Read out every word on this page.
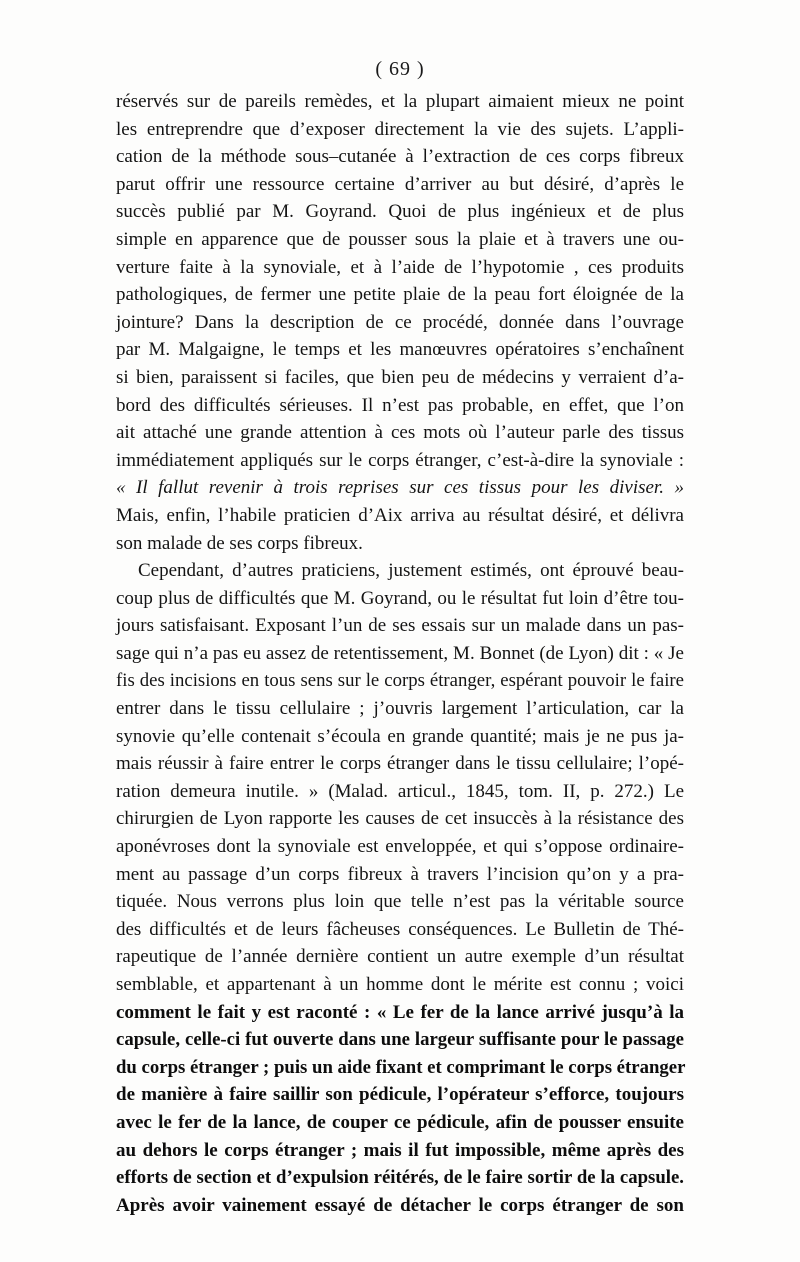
( 69 )
réservés sur de pareils remèdes, et la plupart aimaient mieux ne point
les entreprendre que d’exposer directement la vie des sujets. L’appli-
cation de la méthode sous–cutanée à l’extraction de ces corps fibreux
parut offrir une ressource certaine d’arriver au but désiré, d’après le
succès publié par M. Goyrand. Quoi de plus ingénieux et de plus
simple en apparence que de pousser sous la plaie et à travers une ou-
verture faite à la synoviale, et à l’aide de l’hypotomie , ces produits
pathologiques, de fermer une petite plaie de la peau fort éloignée de la
jointure? Dans la description de ce procédé, donnée dans l’ouvrage
par M. Malgaigne, le temps et les manœuvres opératoires s’enchaînent
si bien, paraissent si faciles, que bien peu de médecins y verraient d’a-
bord des difficultés sérieuses. Il n’est pas probable, en effet, que l’on
ait attaché une grande attention à ces mots où l’auteur parle des tissus
immédiatement appliqués sur le corps étranger, c’est-à-dire la synoviale :
« Il fallut revenir à trois reprises sur ces tissus pour les diviser. »
Mais, enfin, l’habile praticien d’Aix arriva au résultat désiré, et délivra
son malade de ses corps fibreux.
Cependant, d’autres praticiens, justement estimés, ont éprouvé beau-
coup plus de difficultés que M. Goyrand, ou le résultat fut loin d’être tou-
jours satisfaisant. Exposant l’un de ses essais sur un malade dans un pas-
sage qui n’a pas eu assez de retentissement, M. Bonnet (de Lyon) dit : « Je
fis des incisions en tous sens sur le corps étranger, espérant pouvoir le faire
entrer dans le tissu cellulaire ; j’ouvris largement l’articulation, car la
synovie qu’elle contenait s’écoula en grande quantité; mais je ne pus ja-
mais réussir à faire entrer le corps étranger dans le tissu cellulaire; l’opé-
ration demeura inutile. » (Malad. articul., 1845, tom. II, p. 272.) Le
chirurgien de Lyon rapporte les causes de cet insuccès à la résistance des
aponévroses dont la synoviale est enveloppée, et qui s’oppose ordinaire-
ment au passage d’un corps fibreux à travers l’incision qu’on y a pra-
tiquée. Nous verrons plus loin que telle n’est pas la véritable source
des difficultés et de leurs fâcheuses conséquences. Le Bulletin de Thé-
rapeutique de l’année dernière contient un autre exemple d’un résultat
semblable, et appartenant à un homme dont le mérite est connu ; voici
comment le fait y est raconté : « Le fer de la lance arrivé jusqu’à la
capsule, celle-ci fut ouverte dans une largeur suffisante pour le passage
du corps étranger ; puis un aide fixant et comprimant le corps étranger
de manière à faire saillir son pédicule, l’opérateur s’efforce, toujours
avec le fer de la lance, de couper ce pédicule, afin de pousser ensuite
au dehors le corps étranger ; mais il fut impossible, même après des
efforts de section et d’expulsion réitérés, de le faire sortir de la capsule.
Après avoir vainement essayé de détacher le corps étranger de son
